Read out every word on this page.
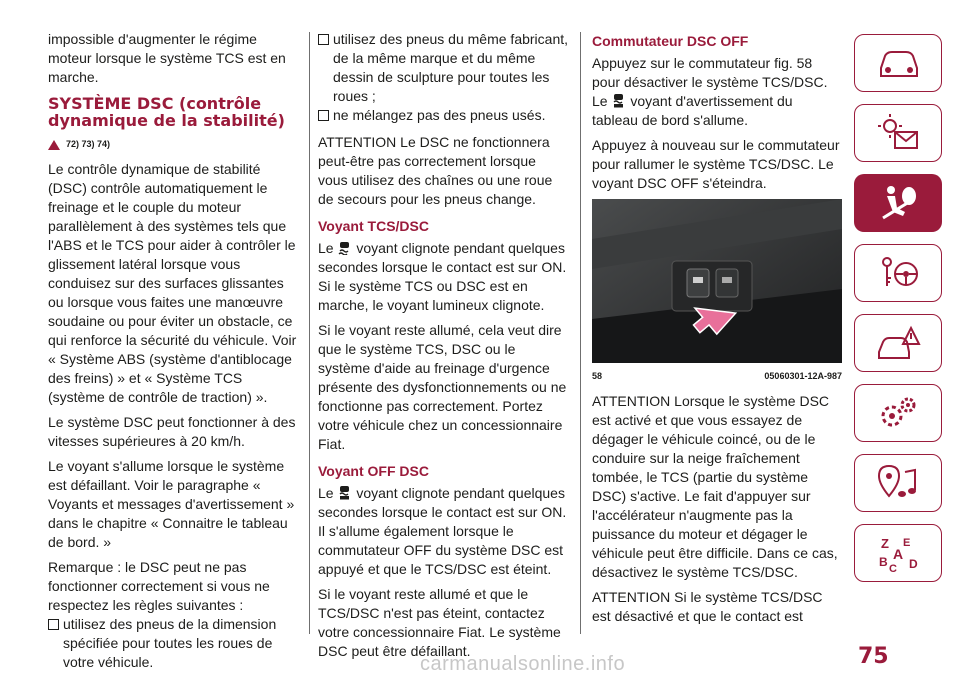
impossible d'augmenter le régime moteur lorsque le système TCS est en marche.

SYSTÈME DSC (contrôle dynamique de la stabilité)
72) 73) 74)

Le contrôle dynamique de stabilité (DSC) contrôle automatiquement le freinage et le couple du moteur parallèlement à des systèmes tels que l'ABS et le TCS pour aider à contrôler le glissement latéral lorsque vous conduisez sur des surfaces glissantes ou lorsque vous faites une manœuvre soudaine ou pour éviter un obstacle, ce qui renforce la sécurité du véhicule. Voir « Système ABS (système d'antiblocage des freins) » et « Système TCS (système de contrôle de traction) ».

Le système DSC peut fonctionner à des vitesses supérieures à 20 km/h.

Le voyant s'allume lorsque le système est défaillant. Voir le paragraphe « Voyants et messages d'avertissement » dans le chapitre « Connaitre le tableau de bord. »

Remarque : le DSC peut ne pas fonctionner correctement si vous ne respectez les règles suivantes :

utilisez des pneus de la dimension spécifiée pour toutes les roues de votre véhicule.
utilisez des pneus du même fabricant, de la même marque et du même dessin de sculpture pour toutes les roues ;
ne mélangez pas des pneus usés.

ATTENTION Le DSC ne fonctionnera peut-être pas correctement lorsque vous utilisez des chaînes ou une roue de secours pour les pneus change.

Voyant TCS/DSC

Le voyant clignote pendant quelques secondes lorsque le contact est sur ON. Si le système TCS ou DSC est en marche, le voyant lumineux clignote.

Si le voyant reste allumé, cela veut dire que le système TCS, DSC ou le système d'aide au freinage d'urgence présente des dysfonctionnements ou ne fonctionne pas correctement. Portez votre véhicule chez un concessionnaire Fiat.

Voyant OFF DSC

Le voyant clignote pendant quelques secondes lorsque le contact est sur ON. Il s'allume également lorsque le commutateur OFF du système DSC est appuyé et que le TCS/DSC est éteint.

Si le voyant reste allumé et que le TCS/DSC n'est pas éteint, contactez votre concessionnaire Fiat. Le système DSC peut être défaillant.

Commutateur DSC OFF

Appuyez sur le commutateur fig. 58 pour désactiver le système TCS/DSC. Le voyant d'avertissement du tableau de bord s'allume.

Appuyez à nouveau sur le commutateur pour rallumer le système TCS/DSC. Le voyant DSC OFF s'éteindra.

58	05060301-12A-987

ATTENTION Lorsque le système DSC est activé et que vous essayez de dégager le véhicule coincé, ou de le conduire sur la neige fraîchement tombée, le TCS (partie du système DSC) s'active. Le fait d'appuyer sur l'accélérateur n'augmente pas la puissance du moteur et dégager le véhicule peut être difficile. Dans ce cas, désactivez le système TCS/DSC.

ATTENTION Si le système TCS/DSC est désactivé et que le contact est

Z E
A
B C D
75
carmanualsonline.info
